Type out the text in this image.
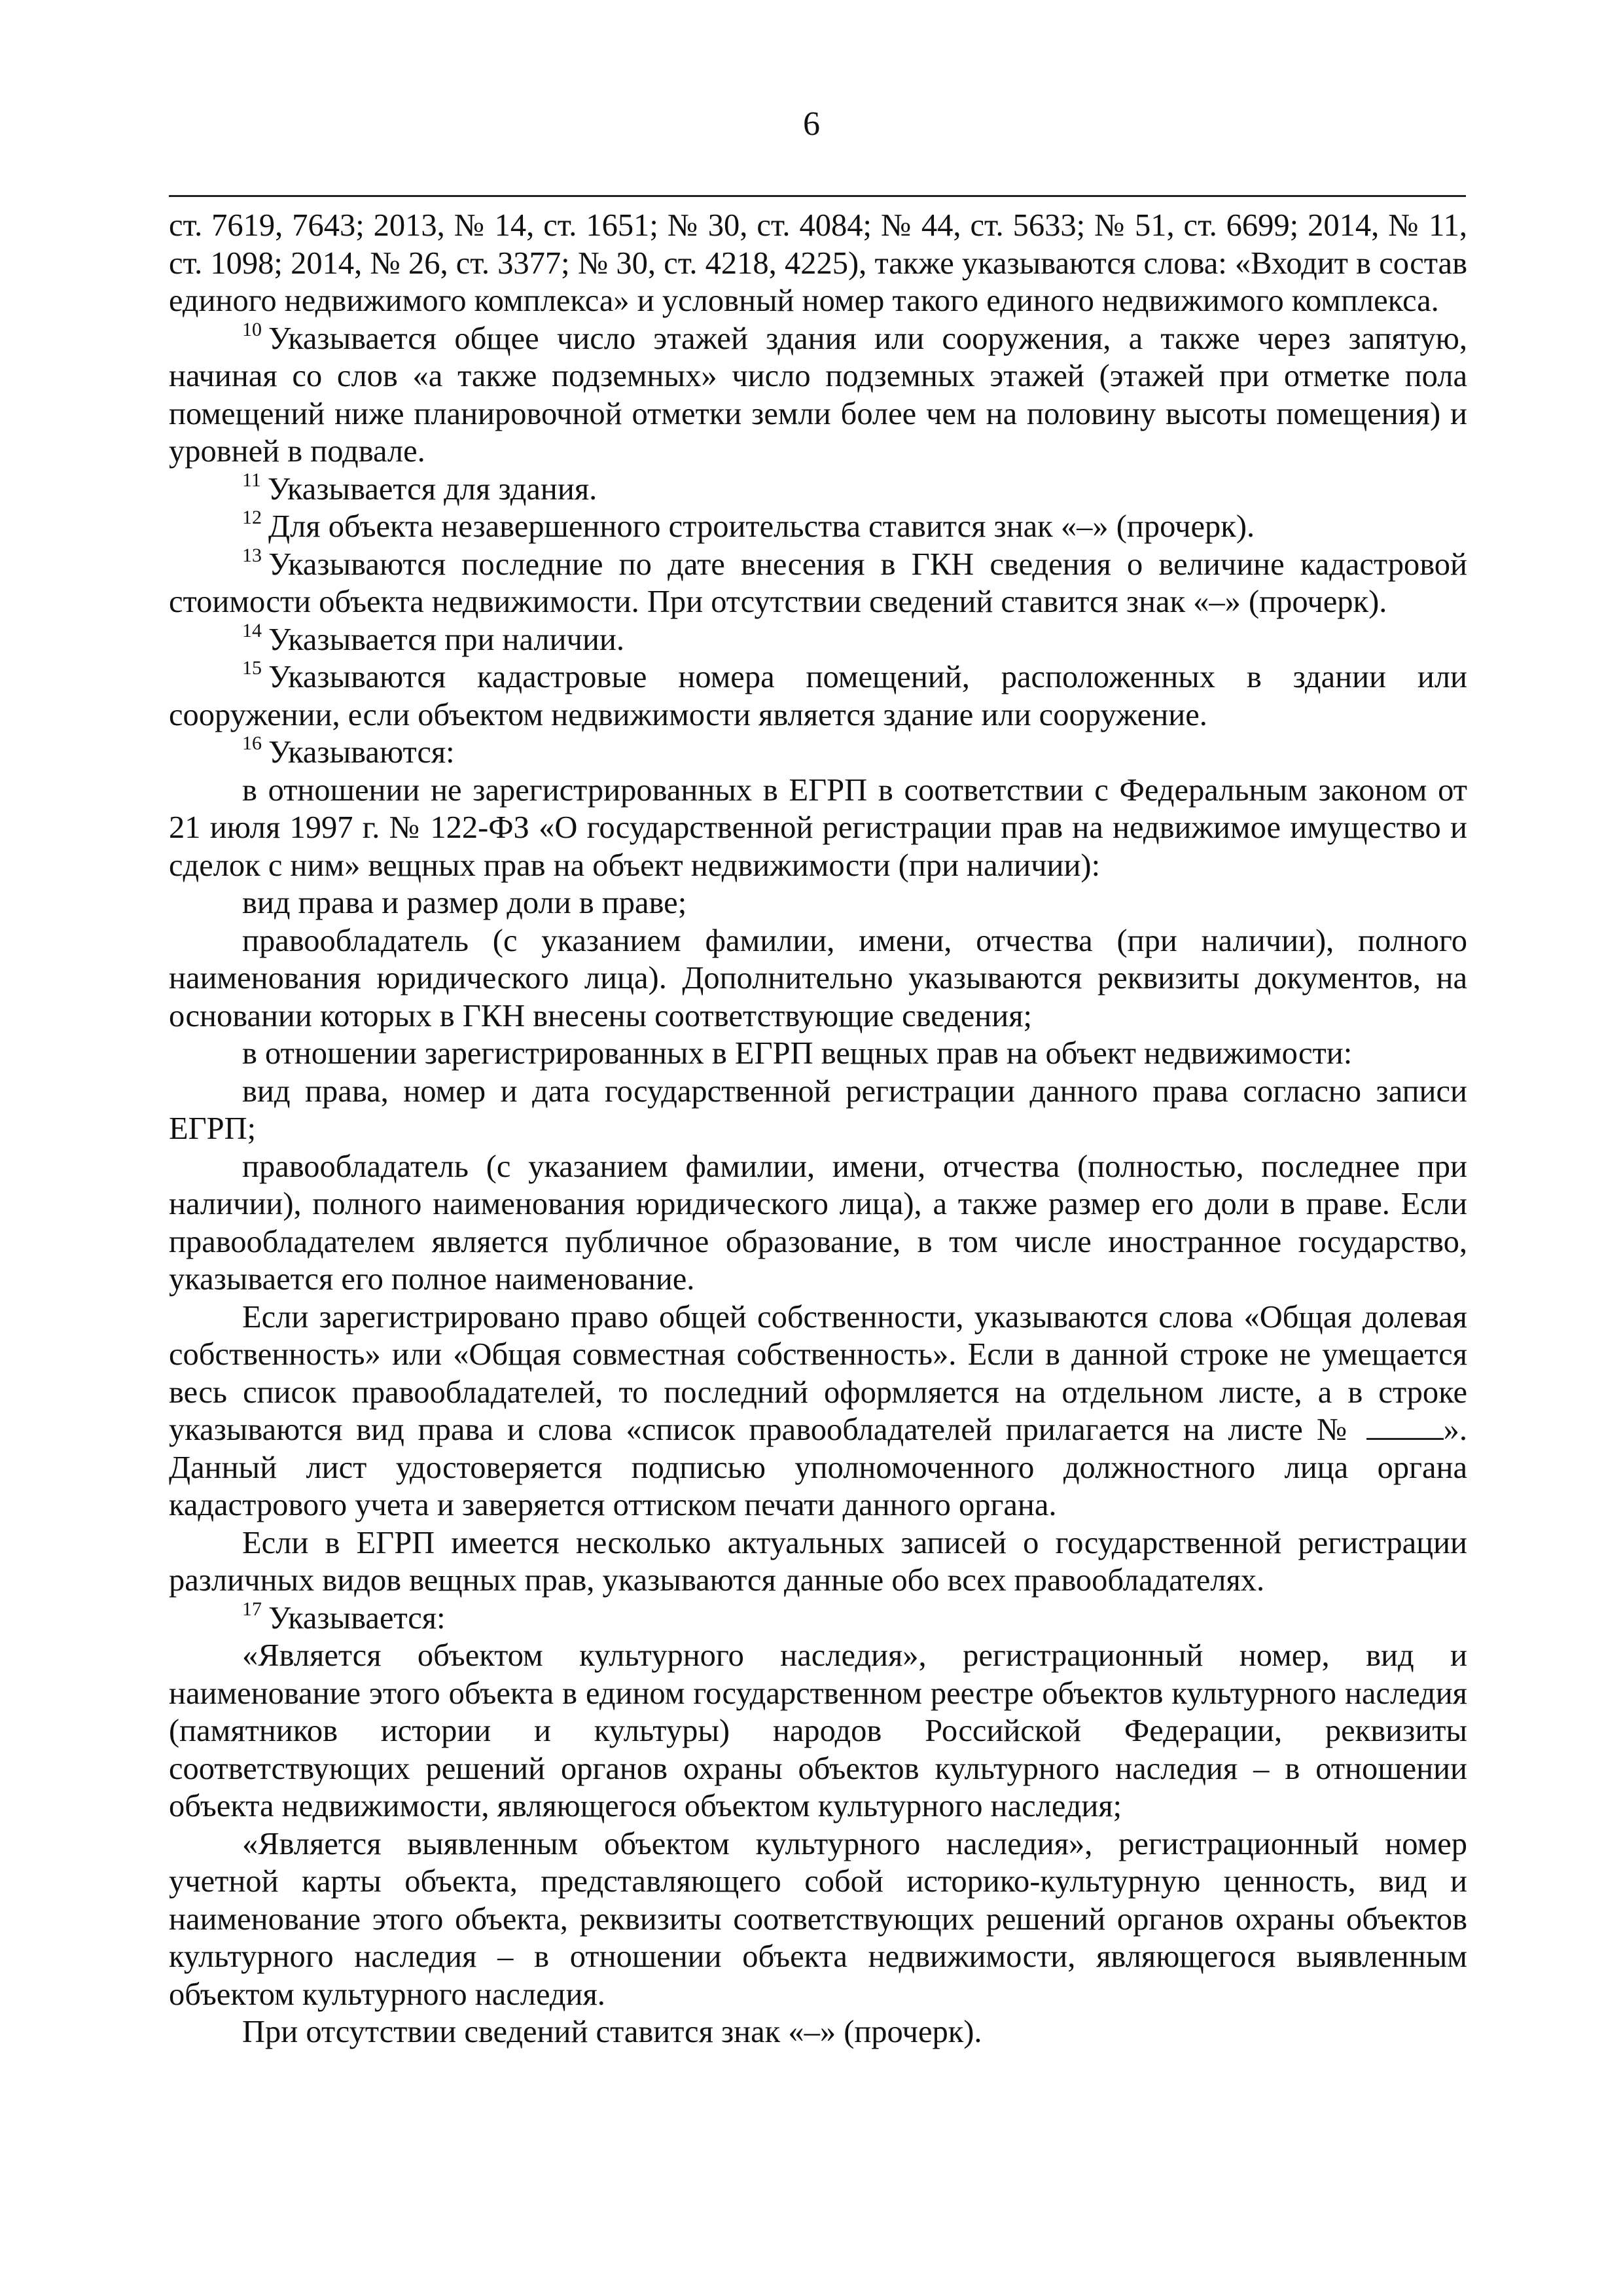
6

ст. 7619, 7643; 2013, № 14, ст. 1651; № 30, ст. 4084; № 44, ст. 5633; № 51, ст. 6699; 2014, № 11, ст. 1098; 2014, № 26, ст. 3377; № 30, ст. 4218, 4225), также указываются слова: «Входит в состав единого недвижимого комплекса» и условный номер такого единого недвижимого комплекса.

$^{10}$ Указывается общее число этажей здания или сооружения, а также через запятую, начиная со слов «а также подземных» число подземных этажей (этажей при отметке пола помещений ниже планировочной отметки земли более чем на половину высоты помещения) и уровней в подвале.

$^{11}$ Указывается для здания.

$^{12}$ Для объекта незавершенного строительства ставится знак «–» (прочерк).

$^{13}$ Указываются последние по дате внесения в ГКН сведения о величине кадастровой стоимости объекта недвижимости. При отсутствии сведений ставится знак «–» (прочерк).

$^{14}$ Указывается при наличии.

$^{15}$ Указываются кадастровые номера помещений, расположенных в здании или сооружении, если объектом недвижимости является здание или сооружение.

$^{16}$ Указываются:

в отношении не зарегистрированных в ЕГРП в соответствии с Федеральным законом от 21 июля 1997 г. № 122-ФЗ «О государственной регистрации прав на недвижимое имущество и сделок с ним» вещных прав на объект недвижимости (при наличии):

вид права и размер доли в праве;

правообладатель (с указанием фамилии, имени, отчества (при наличии), полного наименования юридического лица). Дополнительно указываются реквизиты документов, на основании которых в ГКН внесены соответствующие сведения;

в отношении зарегистрированных в ЕГРП вещных прав на объект недвижимости:

вид права, номер и дата государственной регистрации данного права согласно записи ЕГРП;

правообладатель (с указанием фамилии, имени, отчества (полностью, последнее при наличии), полного наименования юридического лица), а также размер его доли в праве. Если правообладателем является публичное образование, в том числе иностранное государство, указывается его полное наименование.

Если зарегистрировано право общей собственности, указываются слова «Общая долевая собственность» или «Общая совместная собственность». Если в данной строке не умещается весь список правообладателей, то последний оформляется на отдельном листе, а в строке указываются вид права и слова «список правообладателей прилагается на листе №	». Данный лист удостоверяется подписью уполномоченного должностного лица органа кадастрового учета и заверяется оттиском печати данного органа.

Если в ЕГРП имеется несколько актуальных записей о государственной регистрации различных видов вещных прав, указываются данные обо всех правообладателях.

$^{17}$ Указывается:

«Является объектом культурного наследия», регистрационный номер, вид и наименование этого объекта в едином государственном реестре объектов культурного наследия (памятников истории и культуры) народов Российской Федерации, реквизиты соответствующих решений органов охраны объектов культурного наследия – в отношении объекта недвижимости, являющегося объектом культурного наследия;

«Является выявленным объектом культурного наследия», регистрационный номер учетной карты объекта, представляющего собой историко-культурную ценность, вид и наименование этого объекта, реквизиты соответствующих решений органов охраны объектов культурного наследия – в отношении объекта недвижимости, являющегося выявленным объектом культурного наследия.

При отсутствии сведений ставится знак «–» (прочерк).
